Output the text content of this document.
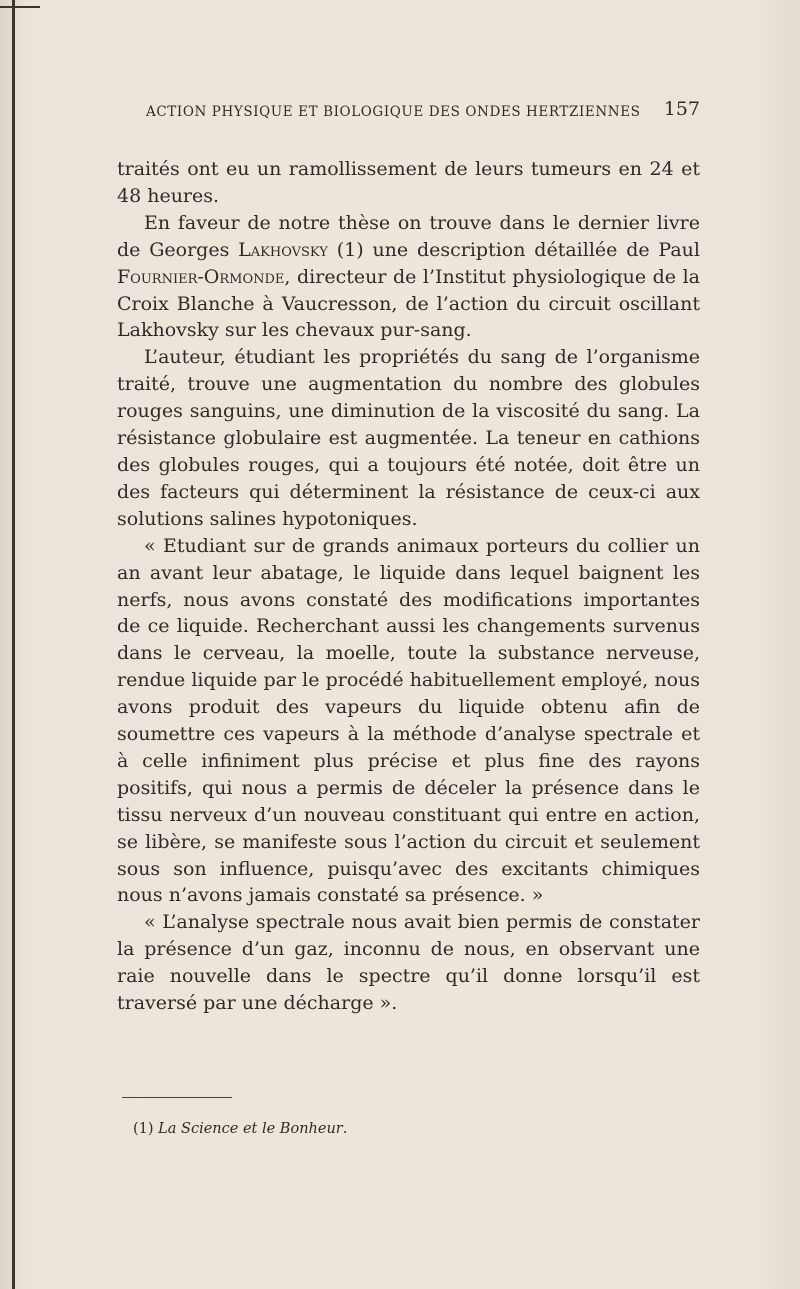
ACTION PHYSIQUE ET BIOLOGIQUE DES ONDES HERTZIENNES 157

traités ont eu un ramollissement de leurs tumeurs en 24 et 48 heures.

En faveur de notre thèse on trouve dans le dernier livre de Georges Lakhovsky (1) une description détaillée de Paul Fournier-Ormonde, directeur de l’Institut physiologique de la Croix Blanche à Vaucresson, de l’action du circuit oscillant Lakhovsky sur les chevaux pur-sang.

L’auteur, étudiant les propriétés du sang de l’organisme traité, trouve une augmentation du nombre des globules rouges sanguins, une diminution de la viscosité du sang. La résistance globulaire est augmentée. La teneur en cathions des globules rouges, qui a toujours été notée, doit être un des facteurs qui déterminent la résistance de ceux-ci aux solutions salines hypotoniques.

« Etudiant sur de grands animaux porteurs du collier un an avant leur abatage, le liquide dans lequel baignent les nerfs, nous avons constaté des modifications importantes de ce liquide. Recherchant aussi les changements survenus dans le cerveau, la moelle, toute la substance nerveuse, rendue liquide par le procédé habituellement employé, nous avons produit des vapeurs du liquide obtenu afin de soumettre ces vapeurs à la méthode d’analyse spectrale et à celle infiniment plus précise et plus fine des rayons positifs, qui nous a permis de déceler la présence dans le tissu nerveux d’un nouveau constituant qui entre en action, se libère, se manifeste sous l’action du circuit et seulement sous son influence, puisqu’avec des excitants chimiques nous n’avons jamais constaté sa présence. »

« L’analyse spectrale nous avait bien permis de constater la présence d’un gaz, inconnu de nous, en observant une raie nouvelle dans le spectre qu’il donne lorsqu’il est traversé par une décharge ».

(1) La Science et le Bonheur.
